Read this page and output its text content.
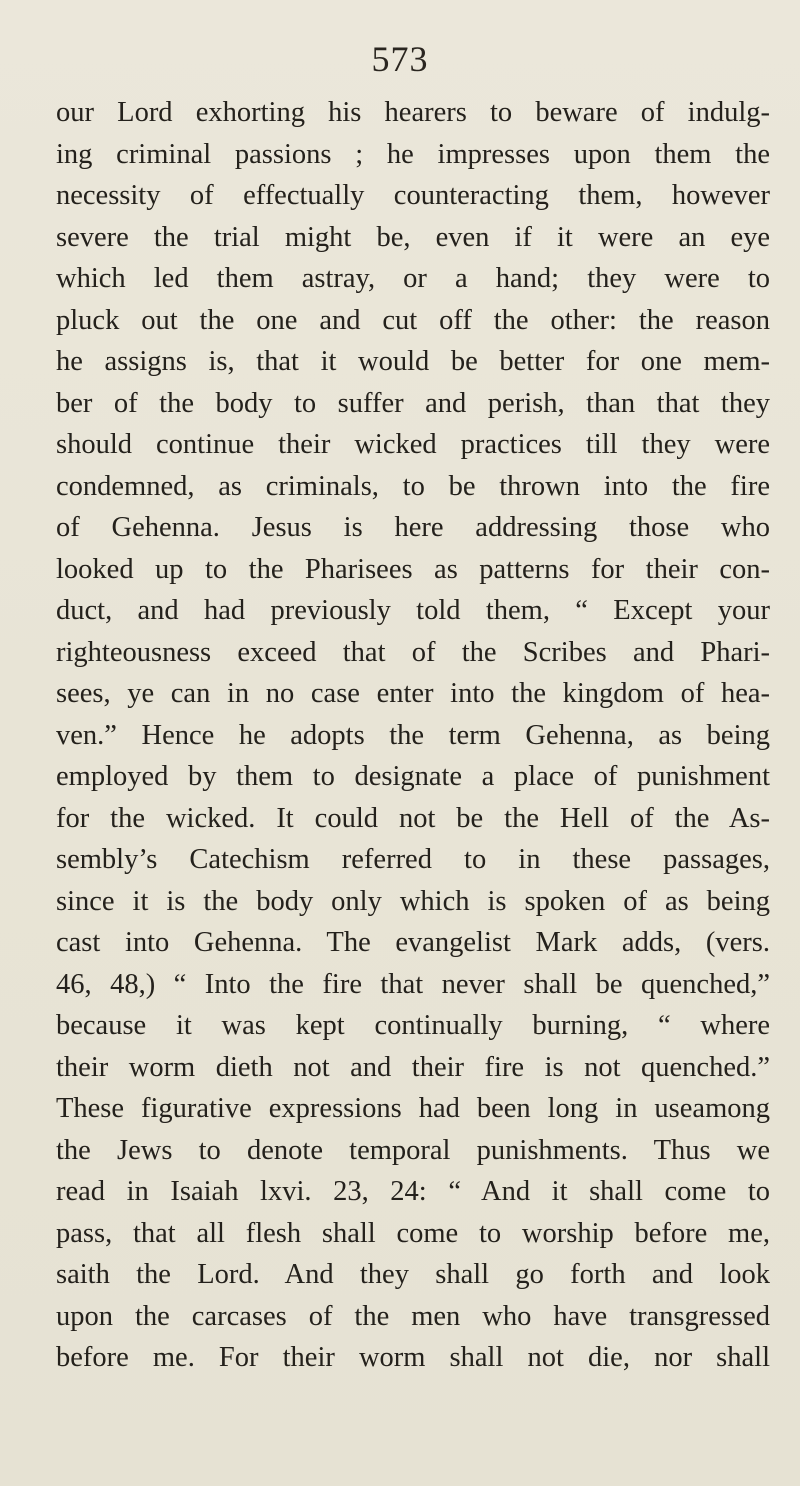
573
our Lord exhorting his hearers to beware of indulg-
ing criminal passions ; he impresses upon them the
necessity of effectually counteracting them, however
severe the trial might be, even if it were an eye
which led them astray, or a hand; they were to
pluck out the one and cut off the other: the reason
he assigns is, that it would be better for one mem-
ber of the body to suffer and perish, than that they
should continue their wicked practices till they were
condemned, as criminals, to be thrown into the fire
of Gehenna. Jesus is here addressing those who
looked up to the Pharisees as patterns for their con-
duct, and had previously told them, “ Except your
righteousness exceed that of the Scribes and Phari-
sees, ye can in no case enter into the kingdom of hea-
ven.” Hence he adopts the term Gehenna, as being
employed by them to designate a place of punishment
for the wicked. It could not be the Hell of the As-
sembly’s Catechism referred to in these passages,
since it is the body only which is spoken of as being
cast into Gehenna. The evangelist Mark adds, (vers.
46, 48,) “ Into the fire that never shall be quenched,”
because it was kept continually burning, “ where
their worm dieth not and their fire is not quenched.”
These figurative expressions had been long in useamong
the Jews to denote temporal punishments. Thus we
read in Isaiah lxvi. 23, 24: “ And it shall come to
pass, that all flesh shall come to worship before me,
saith the Lord. And they shall go forth and look
upon the carcases of the men who have transgressed
before me. For their worm shall not die, nor shall
